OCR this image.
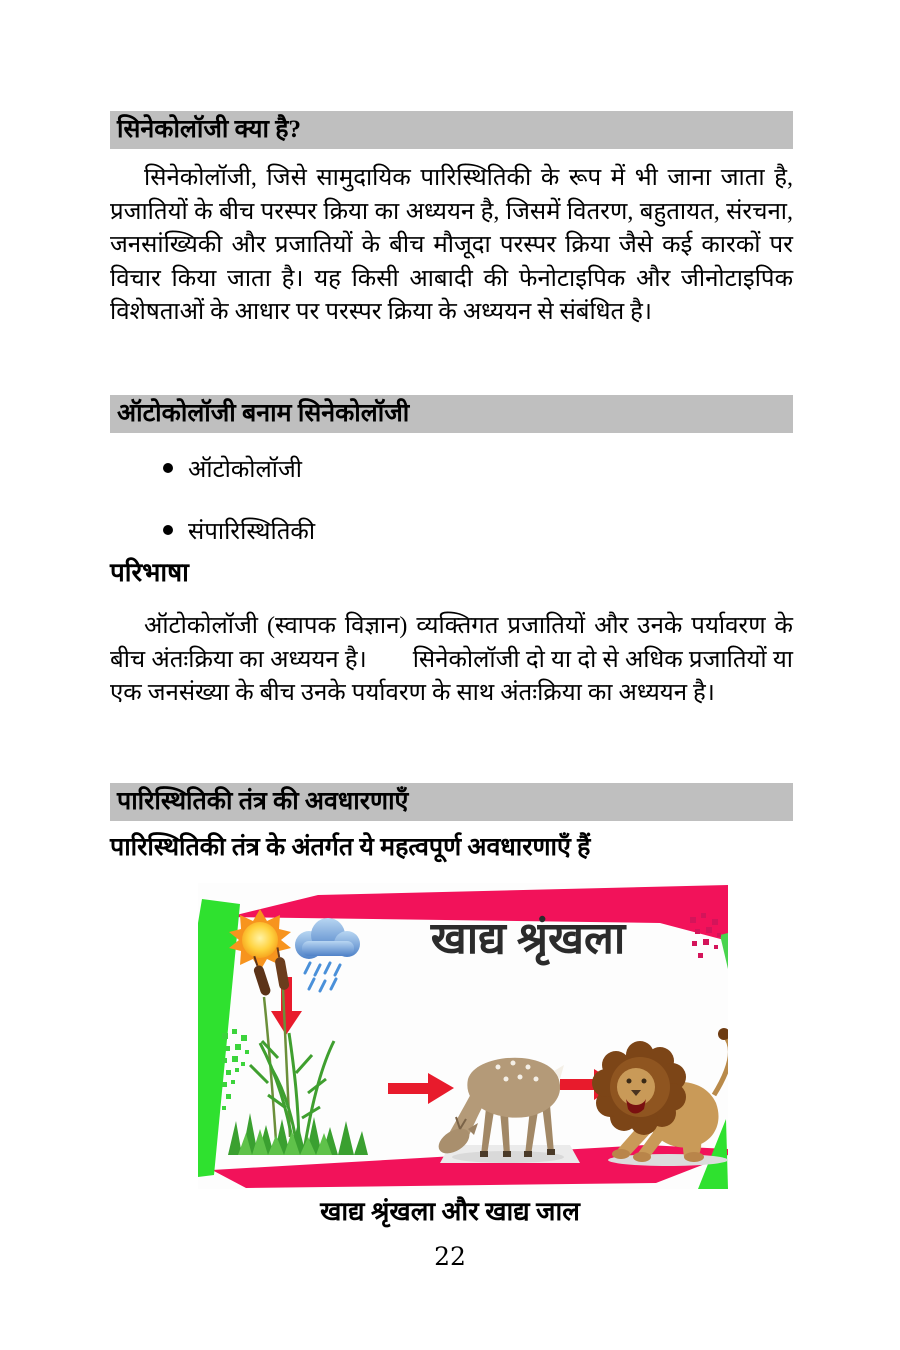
सिनेकोलॉजी क्या है?
सिनेकोलॉजी, जिसे सामुदायिक पारिस्थितिकी के रूप में भी जाना जाता है, प्रजातियों के बीच परस्पर क्रिया का अध्ययन है, जिसमें वितरण, बहुतायत, संरचना, जनसांख्यिकी और प्रजातियों के बीच मौजूदा परस्पर क्रिया जैसे कई कारकों पर विचार किया जाता है। यह किसी आबादी की फेनोटाइपिक और जीनोटाइपिक विशेषताओं के आधार पर परस्पर क्रिया के अध्ययन से संबंधित है।
ऑटोकोलॉजी बनाम सिनेकोलॉजी
ऑटोकोलॉजी
संपारिस्थितिकी
परिभाषा
ऑटोकोलॉजी (स्वापक विज्ञान) व्यक्तिगत प्रजातियों और उनके पर्यावरण के बीच अंतःक्रिया का अध्ययन है। सिनेकोलॉजी दो या दो से अधिक प्रजातियों या एक जनसंख्या के बीच उनके पर्यावरण के साथ अंतःक्रिया का अध्ययन है।
पारिस्थितिकी तंत्र की अवधारणाएँ
पारिस्थितिकी तंत्र के अंतर्गत ये महत्वपूर्ण अवधारणाएँ हैं
खाद्य श्रृंखला
खाद्य श्रृंखला और खाद्य जाल
22
